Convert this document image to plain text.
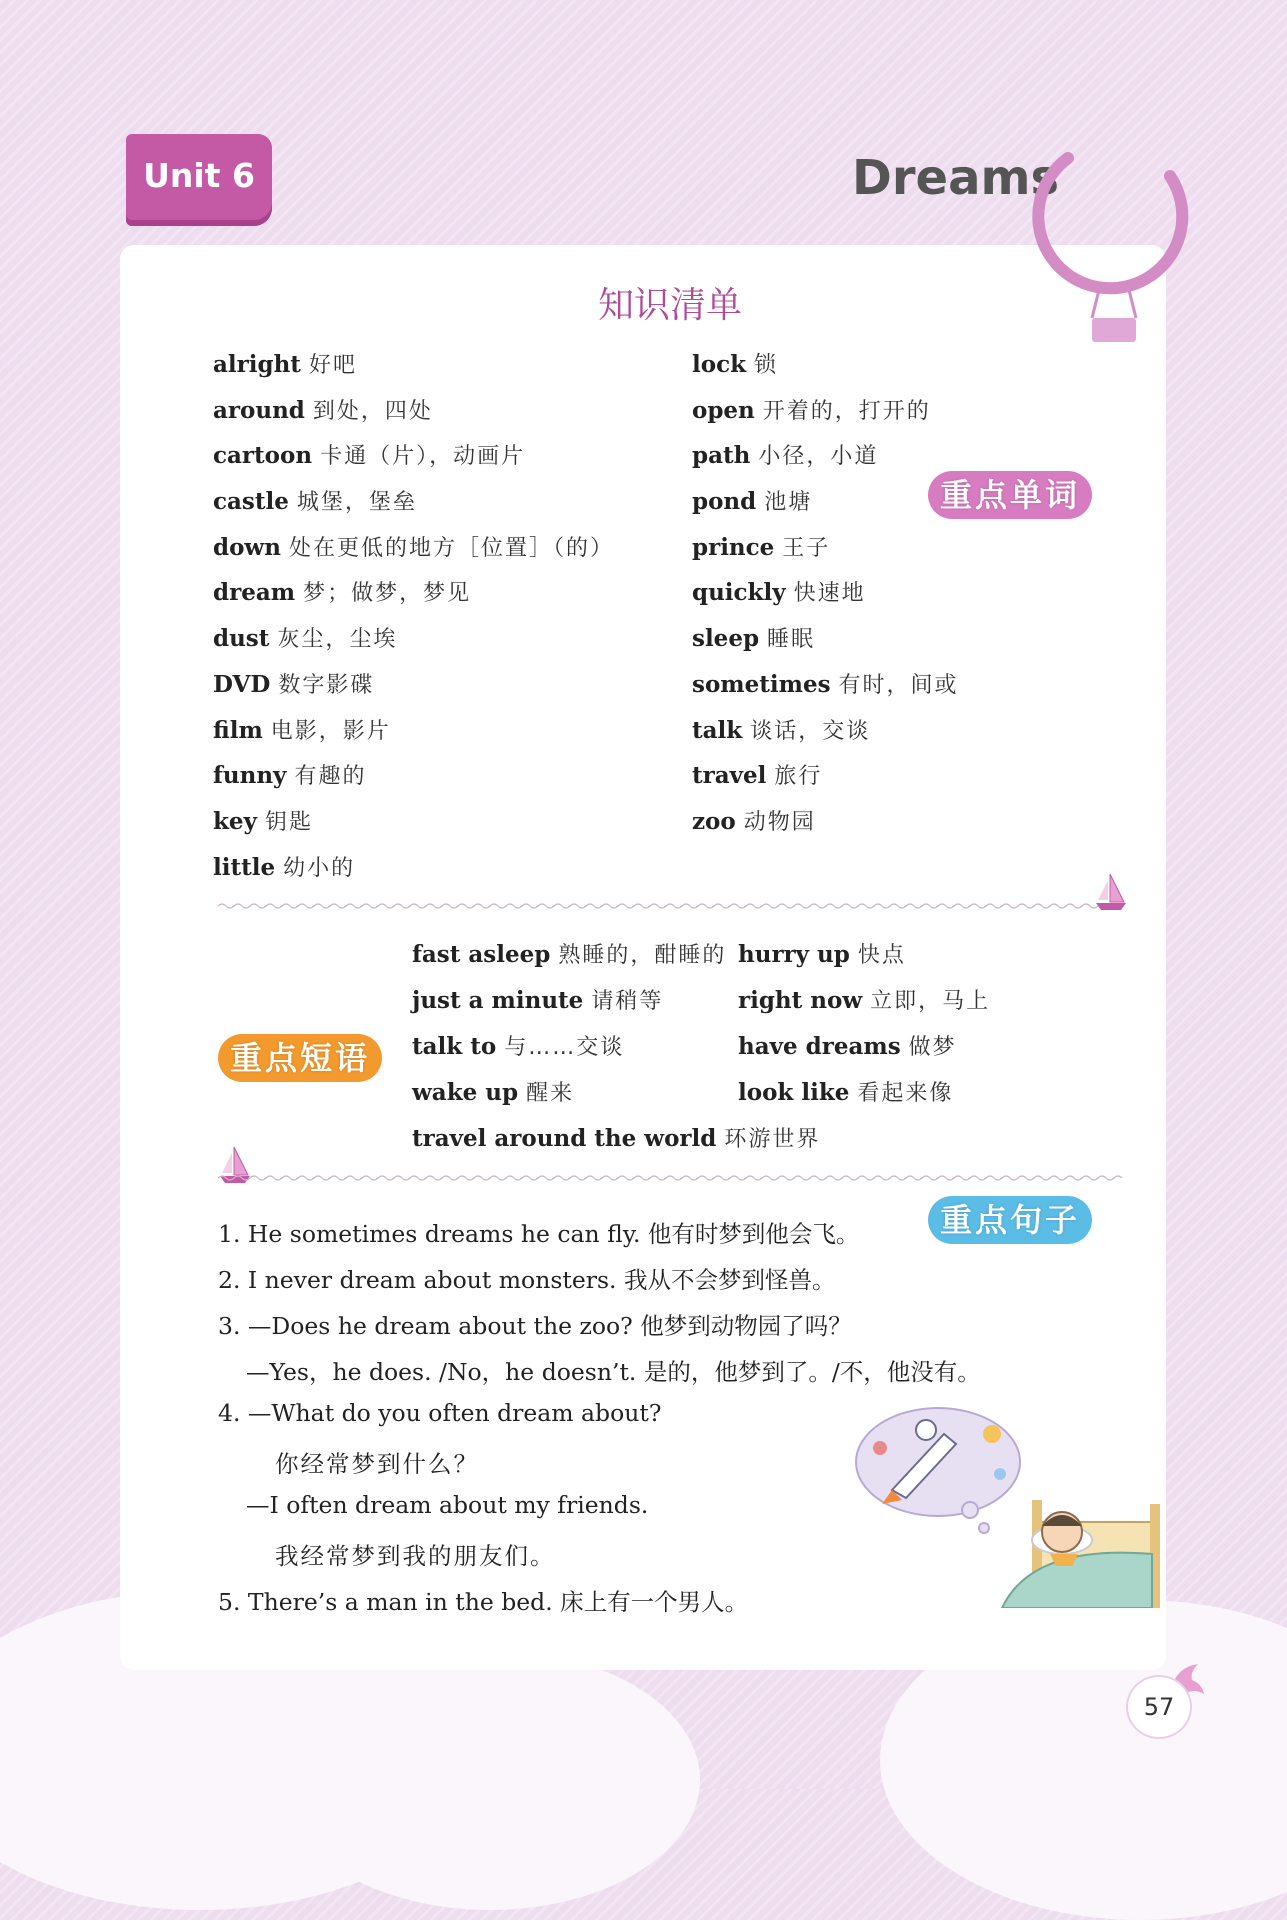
Unit 6	Dreams
知识清单
alright 好吧
around 到处，四处
cartoon 卡通（片），动画片
castle 城堡，堡垒
down 处在更低的地方［位置］（的）
dream 梦；做梦，梦见
dust 灰尘，尘埃
DVD 数字影碟
film 电影，影片
funny 有趣的
key 钥匙
little 幼小的
lock 锁
open 开着的，打开的
path 小径，小道
pond 池塘
prince 王子
quickly 快速地
sleep 睡眠
sometimes 有时，间或
talk 谈话，交谈
travel 旅行
zoo 动物园
重点单词
重点短语
fast asleep 熟睡的，酣睡的
just a minute 请稍等
talk to 与……交谈
wake up 醒来
hurry up 快点
right now 立即，马上
have dreams 做梦
look like 看起来像
travel around the world 环游世界
重点句子
1. He sometimes dreams he can fly. 他有时梦到他会飞。
2. I never dream about monsters. 我从不会梦到怪兽。
3. —Does he dream about the zoo? 他梦到动物园了吗？
—Yes，he does. /No，he doesn’t. 是的，他梦到了。/不，他没有。
4. —What do you often dream about?
你经常梦到什么？
—I often dream about my friends.
我经常梦到我的朋友们。
5. There’s a man in the bed. 床上有一个男人。
57
